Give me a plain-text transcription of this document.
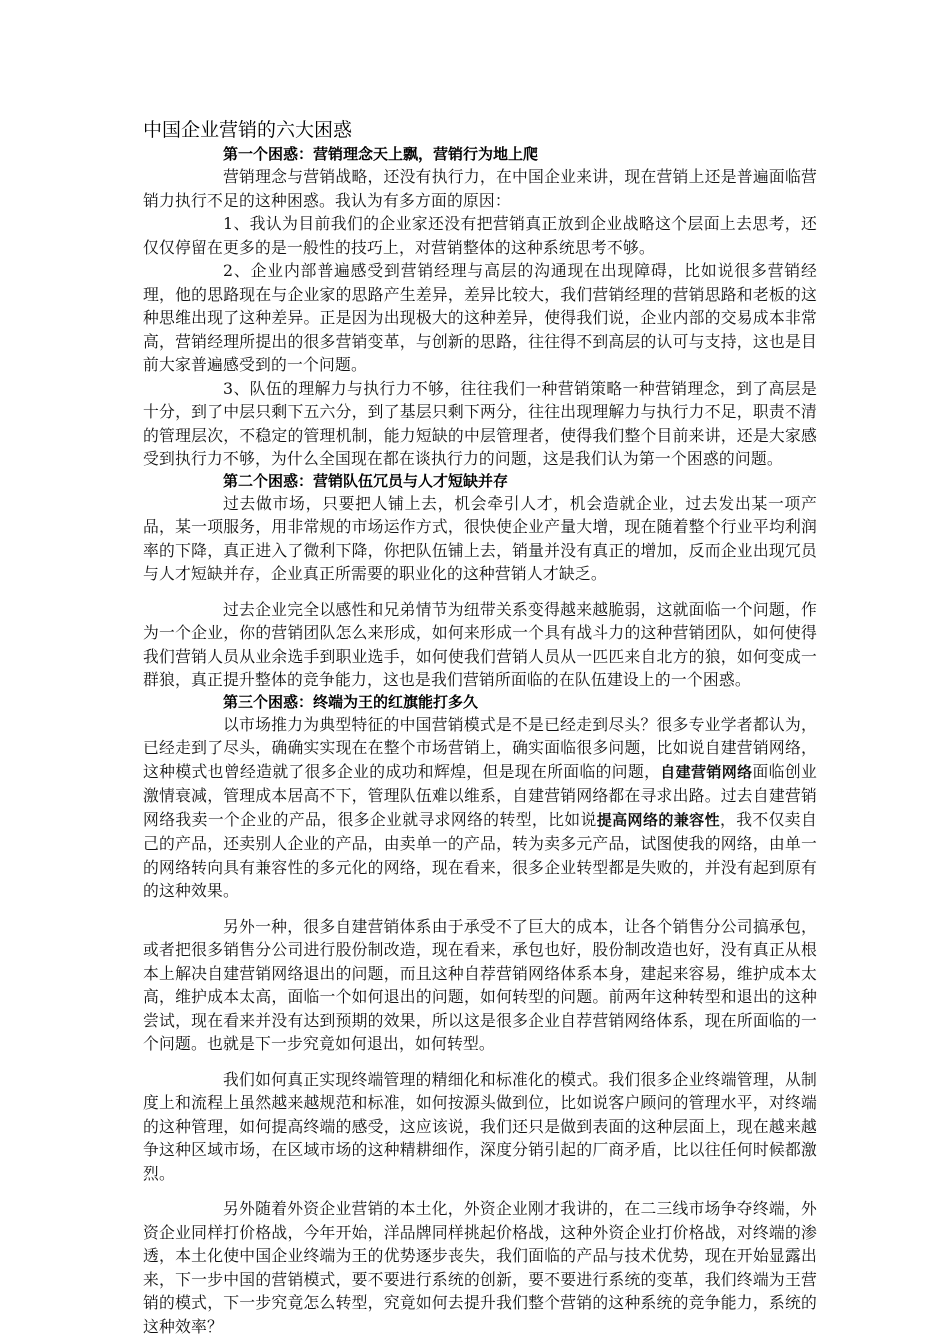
中国企业营销的六大困惑
第一个困惑：营销理念天上飘，营销行为地上爬

营销理念与营销战略，还没有执行力，在中国企业来讲，现在营销上还是普遍面临营销力执行不足的这种困惑。我认为有多方面的原因：

1、我认为目前我们的企业家还没有把营销真正放到企业战略这个层面上去思考，还仅仅停留在更多的是一般性的技巧上，对营销整体的这种系统思考不够。

2、企业内部普遍感受到营销经理与高层的沟通现在出现障碍，比如说很多营销经理，他的思路现在与企业家的思路产生差异，差异比较大，我们营销经理的营销思路和老板的这种思维出现了这种差异。正是因为出现极大的这种差异，使得我们说，企业内部的交易成本非常高，营销经理所提出的很多营销变革，与创新的思路，往往得不到高层的认可与支持，这也是目前大家普遍感受到的一个问题。

3、队伍的理解力与执行力不够，往往我们一种营销策略一种营销理念，到了高层是十分，到了中层只剩下五六分，到了基层只剩下两分，往往出现理解力与执行力不足，职责不清的管理层次，不稳定的管理机制，能力短缺的中层管理者，使得我们整个目前来讲，还是大家感受到执行力不够，为什么全国现在都在谈执行力的问题，这是我们认为第一个困惑的问题。

第二个困惑：营销队伍冗员与人才短缺并存

过去做市场，只要把人铺上去，机会牵引人才，机会造就企业，过去发出某一项产品，某一项服务，用非常规的市场运作方式，很快使企业产量大增，现在随着整个行业平均利润率的下降，真正进入了微利下降，你把队伍铺上去，销量并没有真正的增加，反而企业出现冗员与人才短缺并存，企业真正所需要的职业化的这种营销人才缺乏。

过去企业完全以感性和兄弟情节为纽带关系变得越来越脆弱，这就面临一个问题，作为一个企业，你的营销团队怎么来形成，如何来形成一个具有战斗力的这种营销团队，如何使得我们营销人员从业余选手到职业选手，如何使我们营销人员从一匹匹来自北方的狼，如何变成一群狼，真正提升整体的竞争能力，这也是我们营销所面临的在队伍建设上的一个困惑。

第三个困惑：终端为王的红旗能打多久

以市场推力为典型特征的中国营销模式是不是已经走到尽头？很多专业学者都认为，已经走到了尽头，确确实实现在在整个市场营销上，确实面临很多问题，比如说自建营销网络，这种模式也曾经造就了很多企业的成功和辉煌，但是现在所面临的问题，自建营销网络面临创业激情衰减，管理成本居高不下，管理队伍难以维系，自建营销网络都在寻求出路。过去自建营销网络我卖一个企业的产品，很多企业就寻求网络的转型，比如说提高网络的兼容性，我不仅卖自己的产品，还卖别人企业的产品，由卖单一的产品，转为卖多元产品，试图使我的网络，由单一的网络转向具有兼容性的多元化的网络，现在看来，很多企业转型都是失败的，并没有起到原有的这种效果。

另外一种，很多自建营销体系由于承受不了巨大的成本，让各个销售分公司搞承包，或者把很多销售分公司进行股份制改造，现在看来，承包也好，股份制改造也好，没有真正从根本上解决自建营销网络退出的问题，而且这种自荐营销网络体系本身，建起来容易，维护成本太高，维护成本太高，面临一个如何退出的问题，如何转型的问题。前两年这种转型和退出的这种尝试，现在看来并没有达到预期的效果，所以这是很多企业自荐营销网络体系，现在所面临的一个问题。也就是下一步究竟如何退出，如何转型。

我们如何真正实现终端管理的精细化和标准化的模式。我们很多企业终端管理，从制度上和流程上虽然越来越规范和标准，如何按源头做到位，比如说客户顾问的管理水平，对终端的这种管理，如何提高终端的感受，这应该说，我们还只是做到表面的这种层面上，现在越来越争这种区域市场，在区域市场的这种精耕细作，深度分销引起的厂商矛盾，比以往任何时候都激烈。

另外随着外资企业营销的本土化，外资企业刚才我讲的，在二三线市场争夺终端，外资企业同样打价格战，今年开始，洋品牌同样挑起价格战，这种外资企业打价格战，对终端的渗透，本土化使中国企业终端为王的优势逐步丧失，我们面临的产品与技术优势，现在开始显露出来，下一步中国的营销模式，要不要进行系统的创新，要不要进行系统的变革，我们终端为王营销的模式，下一步究竟怎么转型，究竟如何去提升我们整个营销的这种系统的竞争能力，系统的这种效率？
